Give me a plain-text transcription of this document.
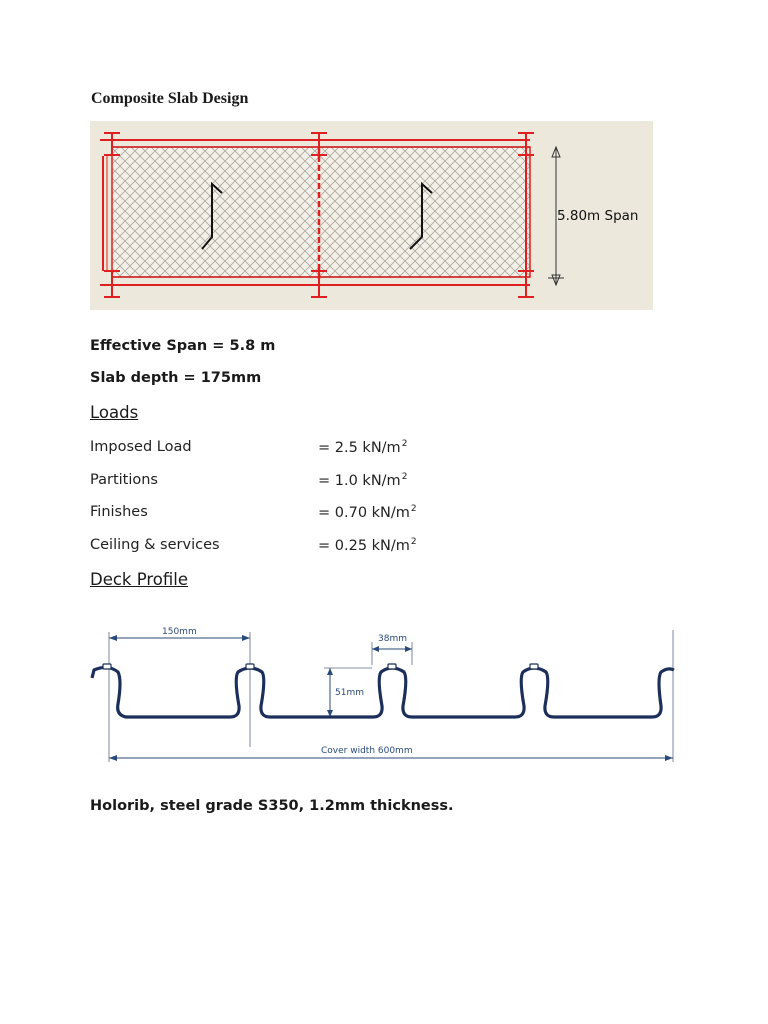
Composite Slab Design
5.80m Span
Effective Span = 5.8 m
Slab depth = 175mm
Loads
Imposed Load	= 2.5 $kN/m^2$
Partitions	= 1.0 $kN/m^2$
Finishes	= 0.70 $kN/m^2$
Ceiling & services	= 0.25 $kN/m^2$
Deck Profile
150mm
38mm
51mm
Cover width 600mm
Holorib, steel grade S350, 1.2mm thickness.
